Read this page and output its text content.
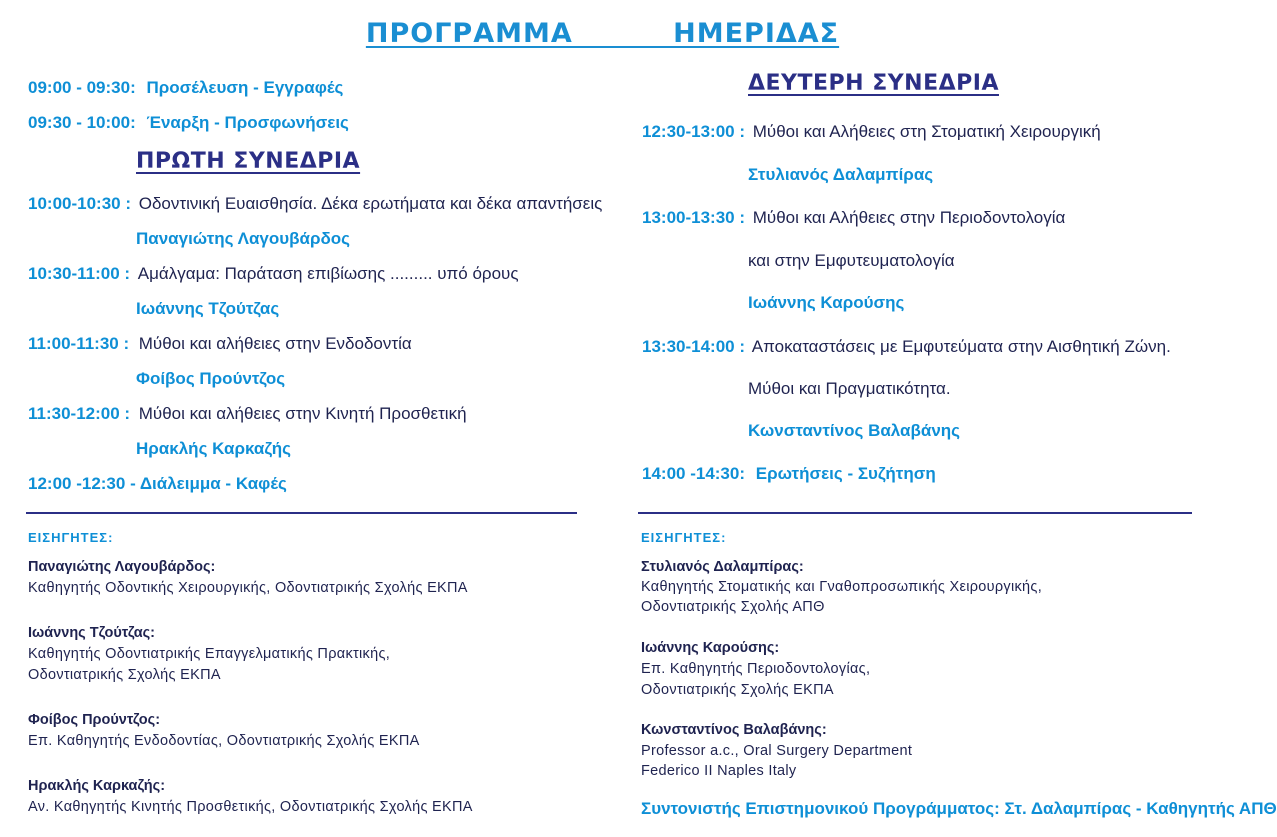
ΠΡΟΓΡΑΜΜΑ ΗΜΕΡΙΔΑΣ
09:00 - 09:30: Προσέλευση - Εγγραφές
09:30 - 10:00: Έναρξη - Προσφωνήσεις
ΠΡΩΤΗ ΣΥΝΕΔΡΙΑ
10:00-10:30 : Οδοντινική Ευαισθησία. Δέκα ερωτήματα και δέκα απαντήσεις
Παναγιώτης Λαγουβάρδος
10:30-11:00 : Αμάλγαμα: Παράταση επιβίωσης ......... υπό όρους
Ιωάννης Τζούτζας
11:00-11:30 : Μύθοι και αλήθειες στην Ενδοδοντία
Φοίβος Προύντζος
11:30-12:00 : Μύθοι και αλήθειες στην Κινητή Προσθετική
Ηρακλής Καρκαζής
12:00 -12:30 - Διάλειμμα - Καφές
ΕΙΣΗΓΗΤΕΣ:
Παναγιώτης Λαγουβάρδος:
Καθηγητής Οδοντικής Χειρουργικής, Οδοντιατρικής Σχολής ΕΚΠΑ
Ιωάννης Τζούτζας:
Καθηγητής Οδοντιατρικής Επαγγελματικής Πρακτικής,
Οδοντιατρικής Σχολής ΕΚΠΑ
Φοίβος Προύντζος:
Επ. Καθηγητής Ενδοδοντίας, Οδοντιατρικής Σχολής ΕΚΠΑ
Ηρακλής Καρκαζής:
Αν. Καθηγητής Κινητής Προσθετικής, Οδοντιατρικής Σχολής ΕΚΠΑ
ΔΕΥΤΕΡΗ ΣΥΝΕΔΡΙΑ
12:30-13:00 : Μύθοι και Αλήθειες στη Στοματική Χειρουργική
Στυλιανός Δαλαμπίρας
13:00-13:30 : Μύθοι και Αλήθειες στην Περιοδοντολογία
και στην Εμφυτευματολογία
Ιωάννης Καρούσης
13:30-14:00 : Αποκαταστάσεις με Εμφυτεύματα στην Αισθητική Ζώνη.
Μύθοι και Πραγματικότητα.
Κωνσταντίνος Βαλαβάνης
14:00 -14:30: Ερωτήσεις - Συζήτηση
ΕΙΣΗΓΗΤΕΣ:
Στυλιανός Δαλαμπίρας:
Καθηγητής Στοματικής και Γναθοπροσωπικής Χειρουργικής,
Οδοντιατρικής Σχολής ΑΠΘ
Ιωάννης Καρούσης:
Επ. Καθηγητής Περιοδοντολογίας,
Οδοντιατρικής Σχολής ΕΚΠΑ
Κωνσταντίνος Βαλαβάνης:
Professor a.c., Oral Surgery Department
Federico II Naples Italy
Συντονιστής Επιστημονικού Προγράμματος: Στ. Δαλαμπίρας - Καθηγητής ΑΠΘ
